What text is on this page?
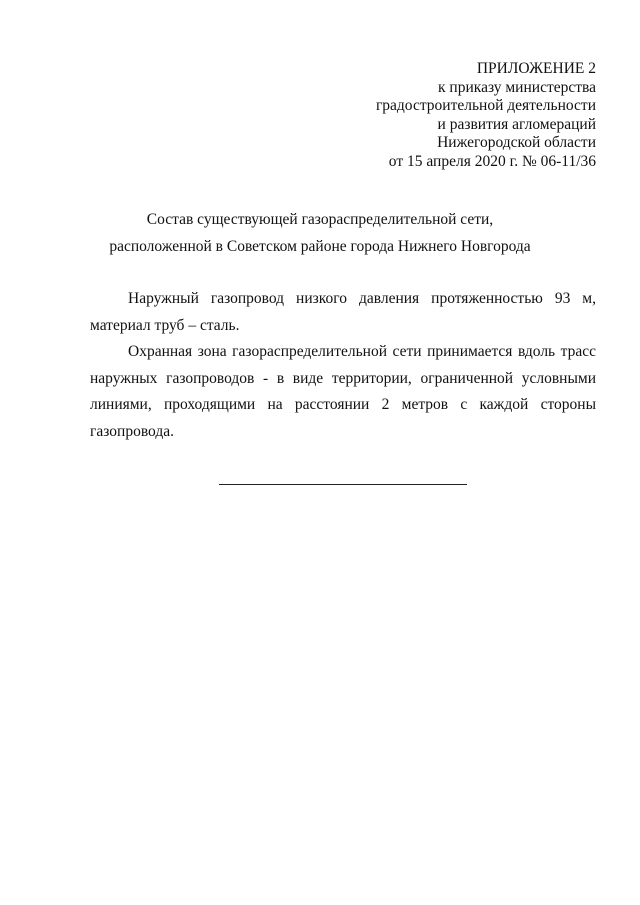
ПРИЛОЖЕНИЕ 2
к приказу министерства
градостроительной деятельности
и развития агломераций
Нижегородской области
от 15 апреля 2020 г. № 06-11/36
Состав существующей газораспределительной сети,
расположенной в Советском районе города Нижнего Новгорода

Наружный газопровод низкого давления протяженностью 93 м, материал труб – сталь.

Охранная зона газораспределительной сети принимается вдоль трасс наружных газопроводов - в виде территории, ограниченной условными линиями, проходящими на расстоянии 2 метров с каждой стороны газопровода.
